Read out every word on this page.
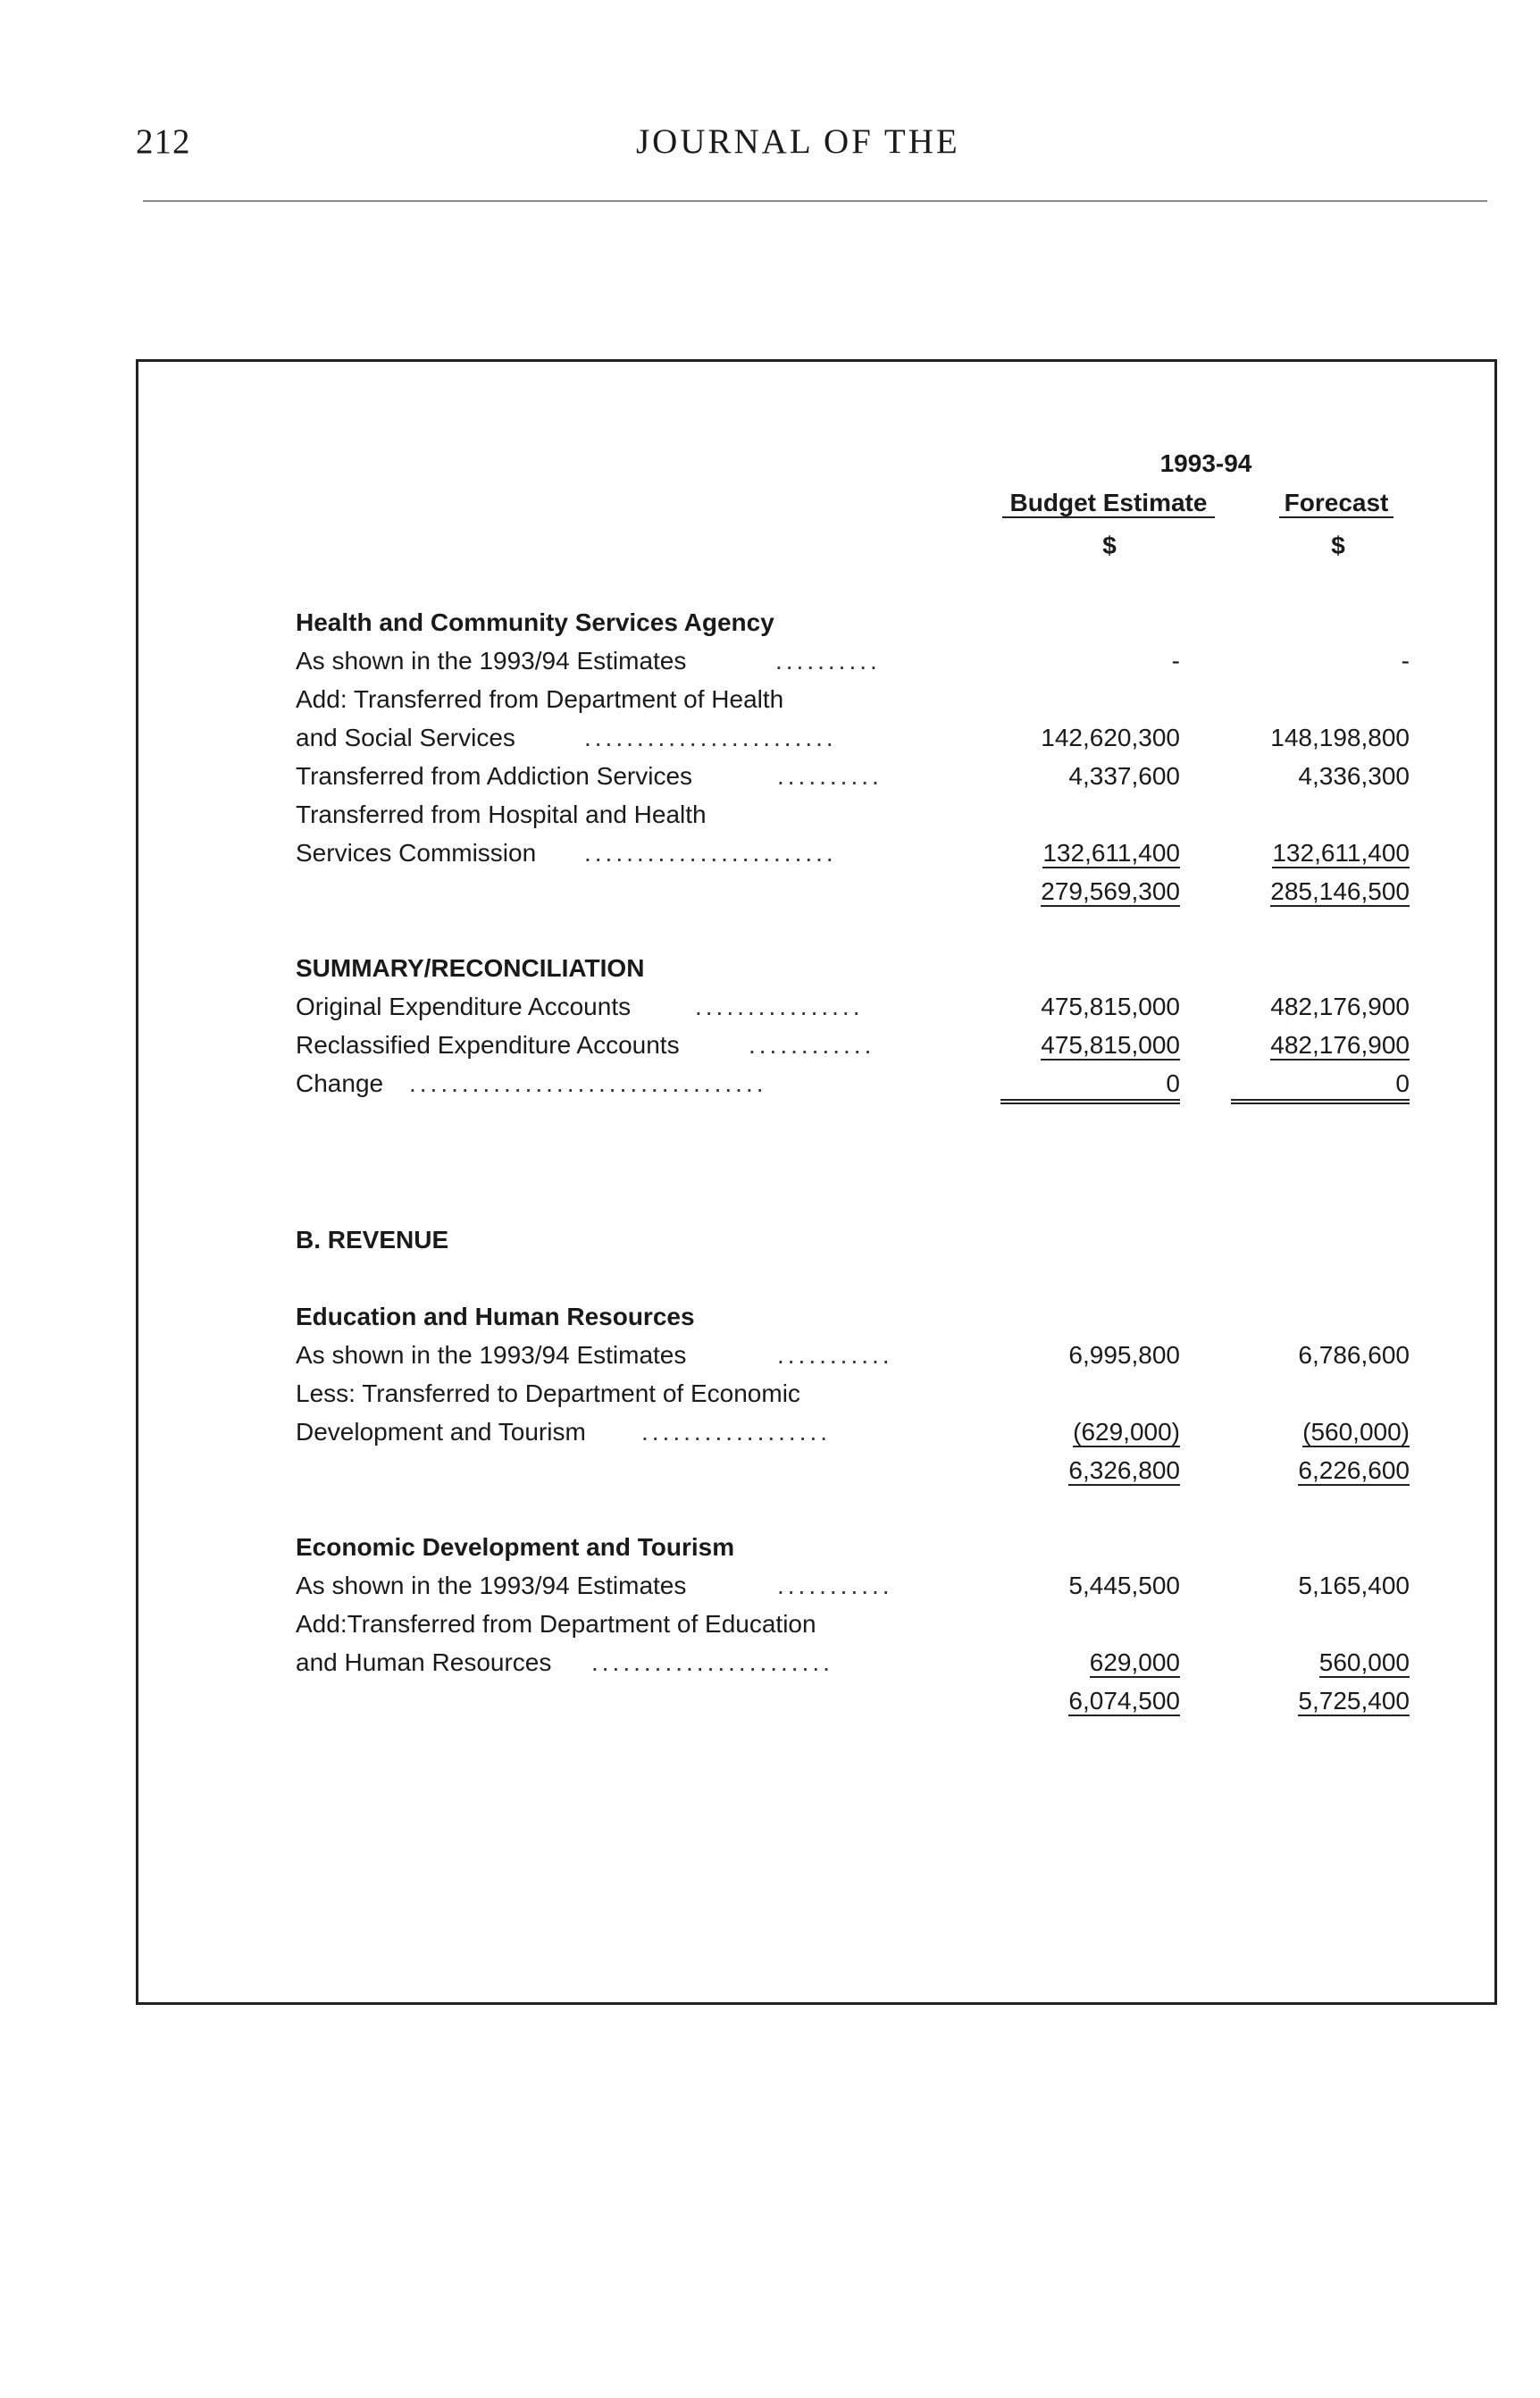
212	JOURNAL OF THE
1993-94
Budget Estimate	Forecast
$	$
Health and Community Services Agency
As shown in the 1993/94 Estimates	..........	-	-
Add: Transferred from Department of Health
and Social Services	........................	142,620,300	148,198,800
Transferred from Addiction Services	..........	4,337,600	4,336,300
Transferred from Hospital and Health
Services Commission ........................	132,611,400	132,611,400
279,569,300	285,146,500
SUMMARY/RECONCILIATION
Original Expenditure Accounts	................	475,815,000	482,176,900
Reclassified Expenditure Accounts	............	475,815,000	482,176,900
Change ..................................	0	0
B. REVENUE
Education and Human Resources
As shown in the 1993/94 Estimates	...........	6,995,800	6,786,600
Less: Transferred to Department of Economic
Development and Tourism ..................	(629,000)	(560,000)
6,326,800	6,226,600
Economic Development and Tourism
As shown in the 1993/94 Estimates	...........	5,445,500	5,165,400
Add:Transferred from Department of Education
and Human Resources .......................	629,000	560,000
6,074,500	5,725,400
